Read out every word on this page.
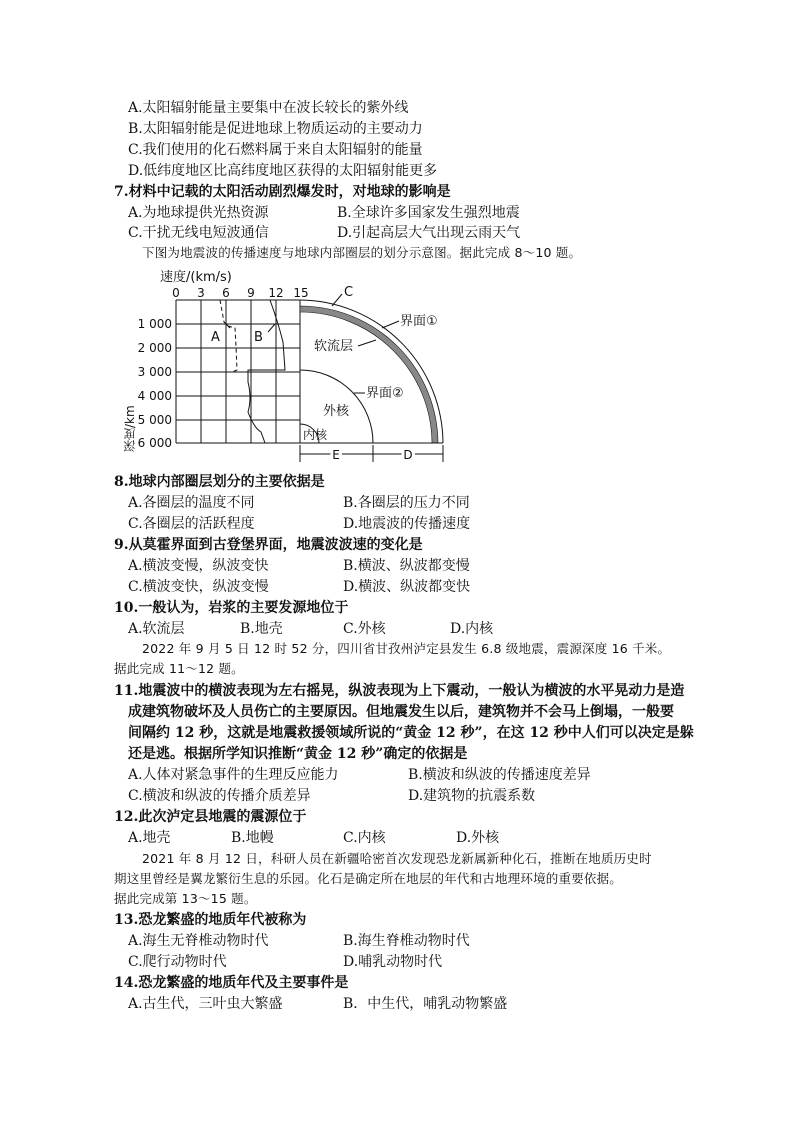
A.太阳辐射能量主要集中在波长较长的紫外线
B.太阳辐射能是促进地球上物质运动的主要动力
C.我们使用的化石燃料属于来自太阳辐射的能量
D.低纬度地区比高纬度地区获得的太阳辐射能更多
7.材料中记载的太阳活动剧烈爆发时，对地球的影响是
A.为地球提供光热资源	B.全球许多国家发生强烈地震
C.干扰无线电短波通信	D.引起高层大气出现云雨天气
下图为地震波的传播速度与地球内部圈层的划分示意图。据此完成 8～10 题。
速度/(km/s)
0 3 6 9 12 15
1 000
2 000
3 000
4 000
5 000
6 000
深度/km
A	B
C
界面①
软流层
界面②
外核
内核
E	D
8.地球内部圈层划分的主要依据是
A.各圈层的温度不同	B.各圈层的压力不同
C.各圈层的活跃程度	D.地震波的传播速度
9.从莫霍界面到古登堡界面，地震波波速的变化是
A.横波变慢，纵波变快	B.横波、纵波都变慢
C.横波变快，纵波变慢	D.横波、纵波都变快
10.一般认为，岩浆的主要发源地位于
A.软流层	B.地壳	C.外核	D.内核
2022 年 9 月 5 日 12 时 52 分，四川省甘孜州泸定县发生 6.8 级地震，震源深度 16 千米。
据此完成 11～12 题。
11.地震波中的横波表现为左右摇晃，纵波表现为上下震动，一般认为横波的水平晃动力是造
成建筑物破坏及人员伤亡的主要原因。但地震发生以后，建筑物并不会马上倒塌，一般要
间隔约 12 秒，这就是地震救援领域所说的“黄金 12 秒”，在这 12 秒中人们可以决定是躲
还是逃。根据所学知识推断“黄金 12 秒”确定的依据是
A.人体对紧急事件的生理反应能力	B.横波和纵波的传播速度差异
C.横波和纵波的传播介质差异	D.建筑物的抗震系数
12.此次泸定县地震的震源位于
A.地壳	B.地幔	C.内核	D.外核
2021 年 8 月 12 日，科研人员在新疆哈密首次发现恐龙新属新种化石，推断在地质历史时
期这里曾经是翼龙繁衍生息的乐园。化石是确定所在地层的年代和古地理环境的重要依据。
据此完成第 13～15 题。
13.恐龙繁盛的地质年代被称为
A.海生无脊椎动物时代	B.海生脊椎动物时代
C.爬行动物时代	D.哺乳动物时代
14.恐龙繁盛的地质年代及主要事件是
A.古生代，三叶虫大繁盛	B．中生代，哺乳动物繁盛
